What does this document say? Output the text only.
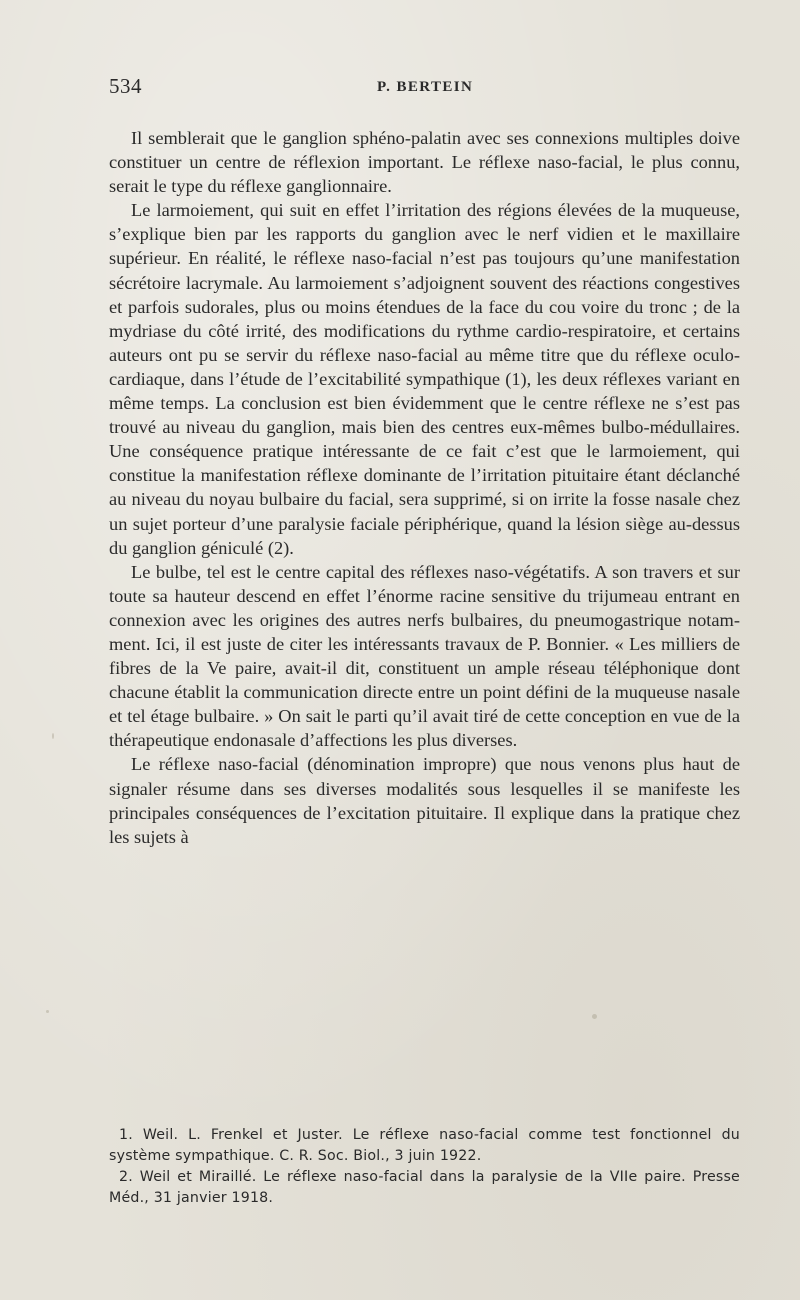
534	P. BERTEIN

Il semblerait que le ganglion sphéno-palatin avec ses connexions multiples doive constituer un centre de réflexion important. Le réflexe naso-facial, le plus connu, serait le type du réflexe ganglionnaire.

Le larmoiement, qui suit en effet l’irritation des régions élevées de la muqueuse, s’explique bien par les rapports du ganglion avec le nerf vidien et le maxillaire supérieur. En réalité, le réflexe naso-facial n’est pas toujours qu’une manifestation sécrétoire lacrymale. Au larmoiement s’adjoignent souvent des réactions congestives et parfois sudorales, plus ou moins étendues de la face du cou voire du tronc ; de la mydriase du côté irrité, des modifications du rythme cardio-respiratoire, et certains auteurs ont pu se servir du réflexe naso-facial au même titre que du réflexe oculo-cardiaque, dans l’étude de l’excitabilité sympathique (1), les deux réflexes variant en même temps. La conclusion est bien évidemment que le centre réflexe ne s’est pas trouvé au niveau du ganglion, mais bien des centres eux-mêmes bulbo-médullaires. Une conséquence pratique intéressante de ce fait c’est que le larmoiement, qui constitue la manifestation réflexe dominante de l’irritation pituitaire étant déclanché au niveau du noyau bulbaire du facial, sera supprimé, si on irrite la fosse nasale chez un sujet porteur d’une paralysie faciale périphérique, quand la lésion siège au-dessus du ganglion géniculé (2).

Le bulbe, tel est le centre capital des réflexes naso-végétatifs. A son travers et sur toute sa hauteur descend en effet l’énorme racine sensitive du trijumeau entrant en connexion avec les origines des autres nerfs bulbaires, du pneumogastrique notamment. Ici, il est juste de citer les intéressants travaux de P. Bonnier. « Les milliers de fibres de la Ve paire, avait-il dit, constituent un ample réseau téléphonique dont chacune établit la communication directe entre un point défini de la muqueuse nasale et tel étage bulbaire. » On sait le parti qu’il avait tiré de cette conception en vue de la thérapeutique endonasale d’affections les plus diverses.

Le réflexe naso-facial (dénomination impropre) que nous venons plus haut de signaler résume dans ses diverses modalités sous lesquelles il se manifeste les principales conséquences de l’excitation pituitaire. Il explique dans la pratique chez les sujets à

1. Weil. L. Frenkel et Juster. Le réflexe naso-facial comme test fonctionnel du système sympathique. C. R. Soc. Biol., 3 juin 1922.

2. Weil et Miraillé. Le réflexe naso-facial dans la paralysie de la VIIe paire. Presse Méd., 31 janvier 1918.
